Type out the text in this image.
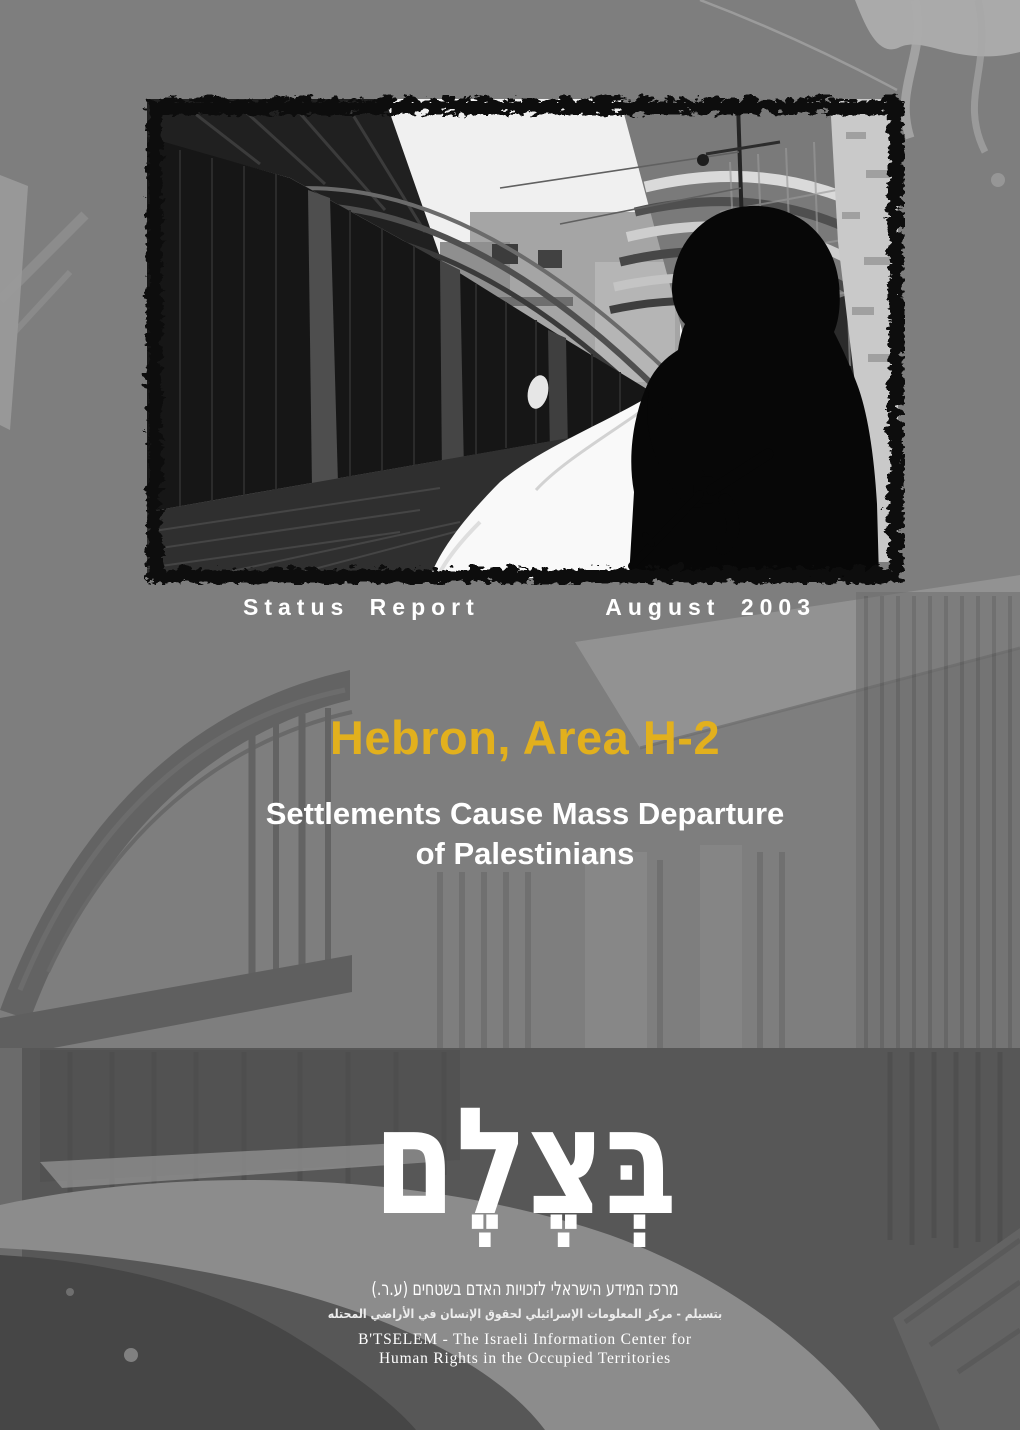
Status Report	August 2003
Hebron, Area H-2
Settlements Cause Mass Departure
of Palestinians
בְּצֶלֶם
מרכז המידע הישראלי לזכויות האדם בשטחים (ע.ר.)
بتسيلم - مركز المعلومات الإسرائيلي لحقوق الإنسان في الأراضي المحتله
B'TSELEM - The Israeli Information Center for
Human Rights in the Occupied Territories
